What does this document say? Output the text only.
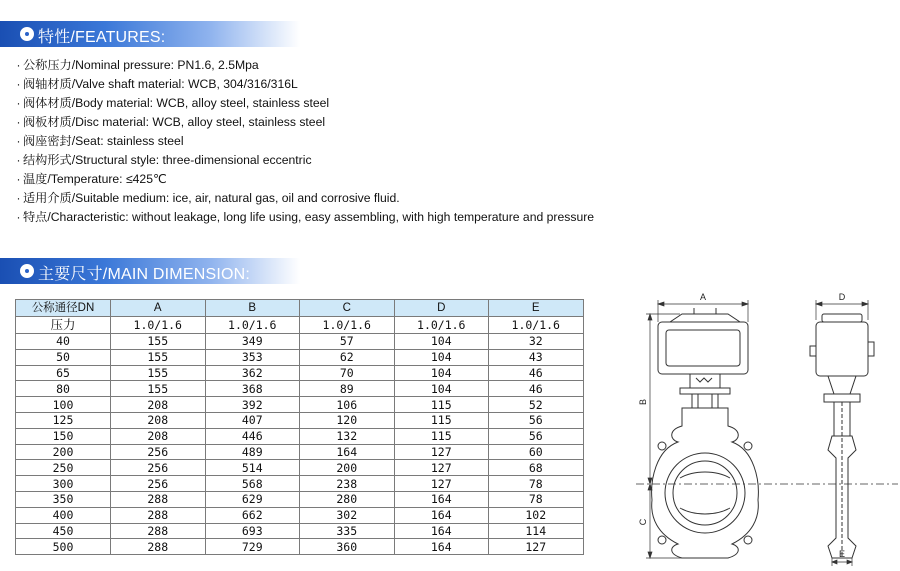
特性/FEATURES:
· 公称压力/Nominal pressure: PN1.6, 2.5Mpa
· 阀轴材质/Valve shaft material: WCB, 304/316/316L
· 阀体材质/Body material: WCB, alloy steel, stainless steel
· 阀板材质/Disc material: WCB, alloy steel, stainless steel
· 阀座密封/Seat: stainless steel
· 结构形式/Structural style: three-dimensional eccentric
· 温度/Temperature: ≤425℃
· 适用介质/Suitable medium: ice, air, natural gas, oil and corrosive fluid.
· 特点/Characteristic: without leakage, long life using, easy assembling, with high temperature and pressure
主要尺寸/MAIN DIMENSION:
公称通径DN	A	B	C	D	E
压力	1.0/1.6	1.0/1.6	1.0/1.6	1.0/1.6	1.0/1.6
40	155	349	57	104	32
50	155	353	62	104	43
65	155	362	70	104	46
80	155	368	89	104	46
100	208	392	106	115	52
125	208	407	120	115	56
150	208	446	132	115	56
200	256	489	164	127	60
250	256	514	200	127	68
300	256	568	238	127	78
350	288	629	280	164	78
400	288	662	302	164	102
450	288	693	335	164	114
500	288	729	360	164	127
A	D
B
C
E
